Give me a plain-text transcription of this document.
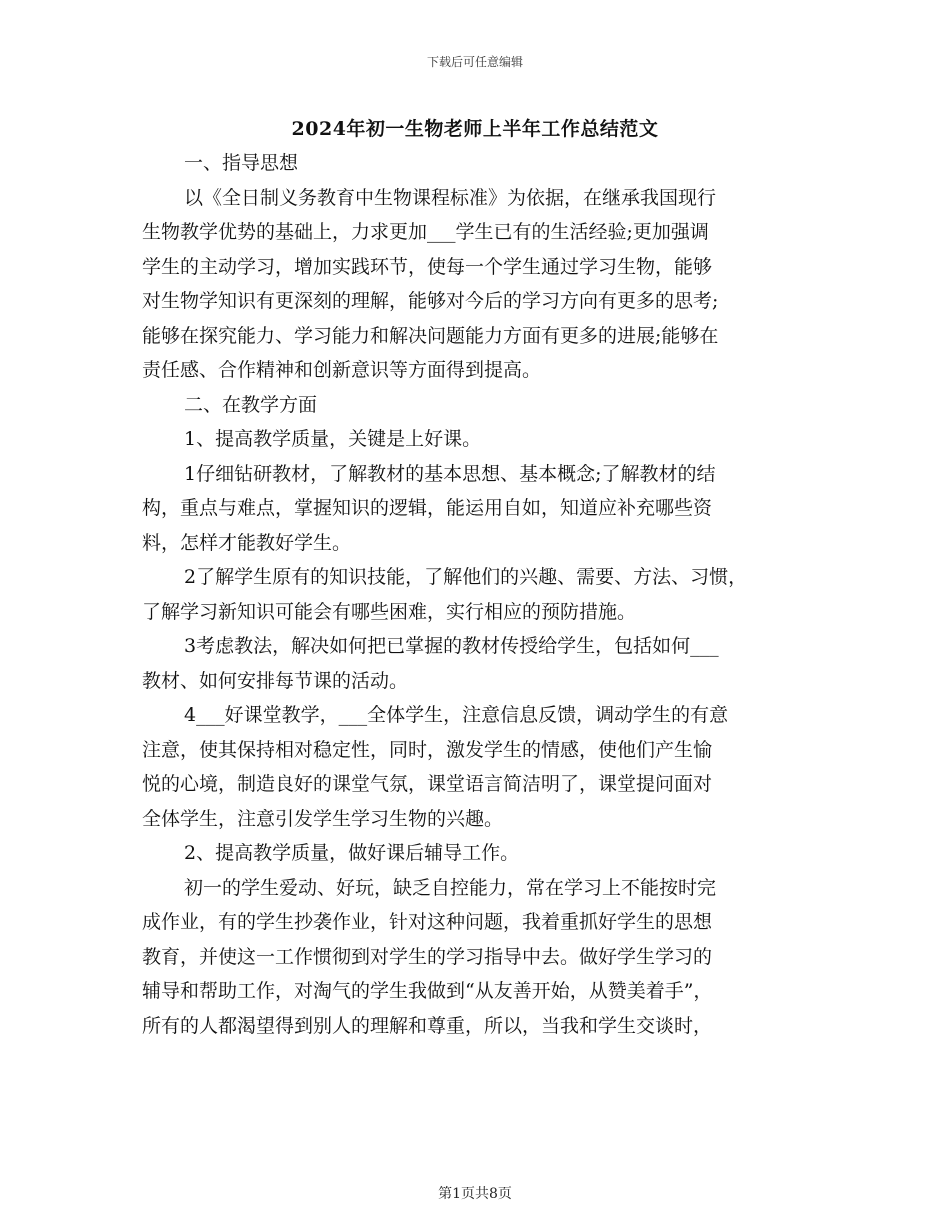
下载后可任意编辑
2024年初一生物老师上半年工作总结范文
一、指导思想
以《全日制义务教育中生物课程标准》为依据，在继承我国现行
生物教学优势的基础上，力求更加___学生已有的生活经验;更加强调
学生的主动学习，增加实践环节，使每一个学生通过学习生物，能够
对生物学知识有更深刻的理解，能够对今后的学习方向有更多的思考;
能够在探究能力、学习能力和解决问题能力方面有更多的进展;能够在
责任感、合作精神和创新意识等方面得到提高。
二、在教学方面
1、提高教学质量，关键是上好课。
1仔细钻研教材，了解教材的基本思想、基本概念;了解教材的结
构，重点与难点，掌握知识的逻辑，能运用自如，知道应补充哪些资
料，怎样才能教好学生。
2了解学生原有的知识技能，了解他们的兴趣、需要、方法、习惯，
了解学习新知识可能会有哪些困难，实行相应的预防措施。
3考虑教法，解决如何把已掌握的教材传授给学生，包括如何___
教材、如何安排每节课的活动。
4___好课堂教学，___全体学生，注意信息反馈，调动学生的有意
注意，使其保持相对稳定性，同时，激发学生的情感，使他们产生愉
悦的心境，制造良好的课堂气氛，课堂语言简洁明了，课堂提问面对
全体学生，注意引发学生学习生物的兴趣。
2、提高教学质量，做好课后辅导工作。
初一的学生爱动、好玩，缺乏自控能力，常在学习上不能按时完
成作业，有的学生抄袭作业，针对这种问题，我着重抓好学生的思想
教育，并使这一工作惯彻到对学生的学习指导中去。做好学生学习的
辅导和帮助工作，对淘气的学生我做到“从友善开始，从赞美着手”，
所有的人都渴望得到别人的理解和尊重，所以，当我和学生交谈时，
第1页共8页
